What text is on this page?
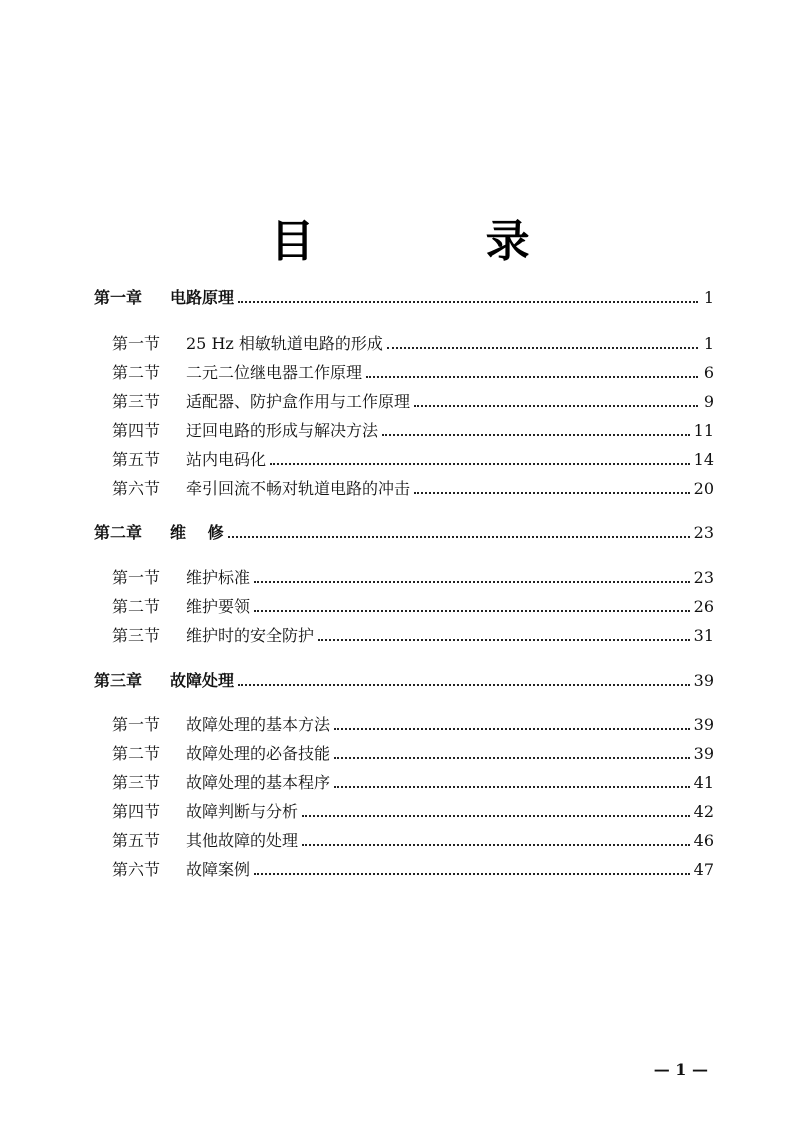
目 录
第一章	电路原理	1
第一节	25 Hz 相敏轨道电路的形成	1
第二节	二元二位继电器工作原理	6
第三节	适配器、防护盒作用与工作原理	9
第四节	迂回电路的形成与解决方法	11
第五节	站内电码化	14
第六节	牵引回流不畅对轨道电路的冲击	20
第二章	维　 修	23
第一节	维护标准	23
第二节	维护要领	26
第三节	维护时的安全防护	31
第三章	故障处理	39
第一节	故障处理的基本方法	39
第二节	故障处理的必备技能	39
第三节	故障处理的基本程序	41
第四节	故障判断与分析	42
第五节	其他故障的处理	46
第六节	故障案例	47
— 1 —
